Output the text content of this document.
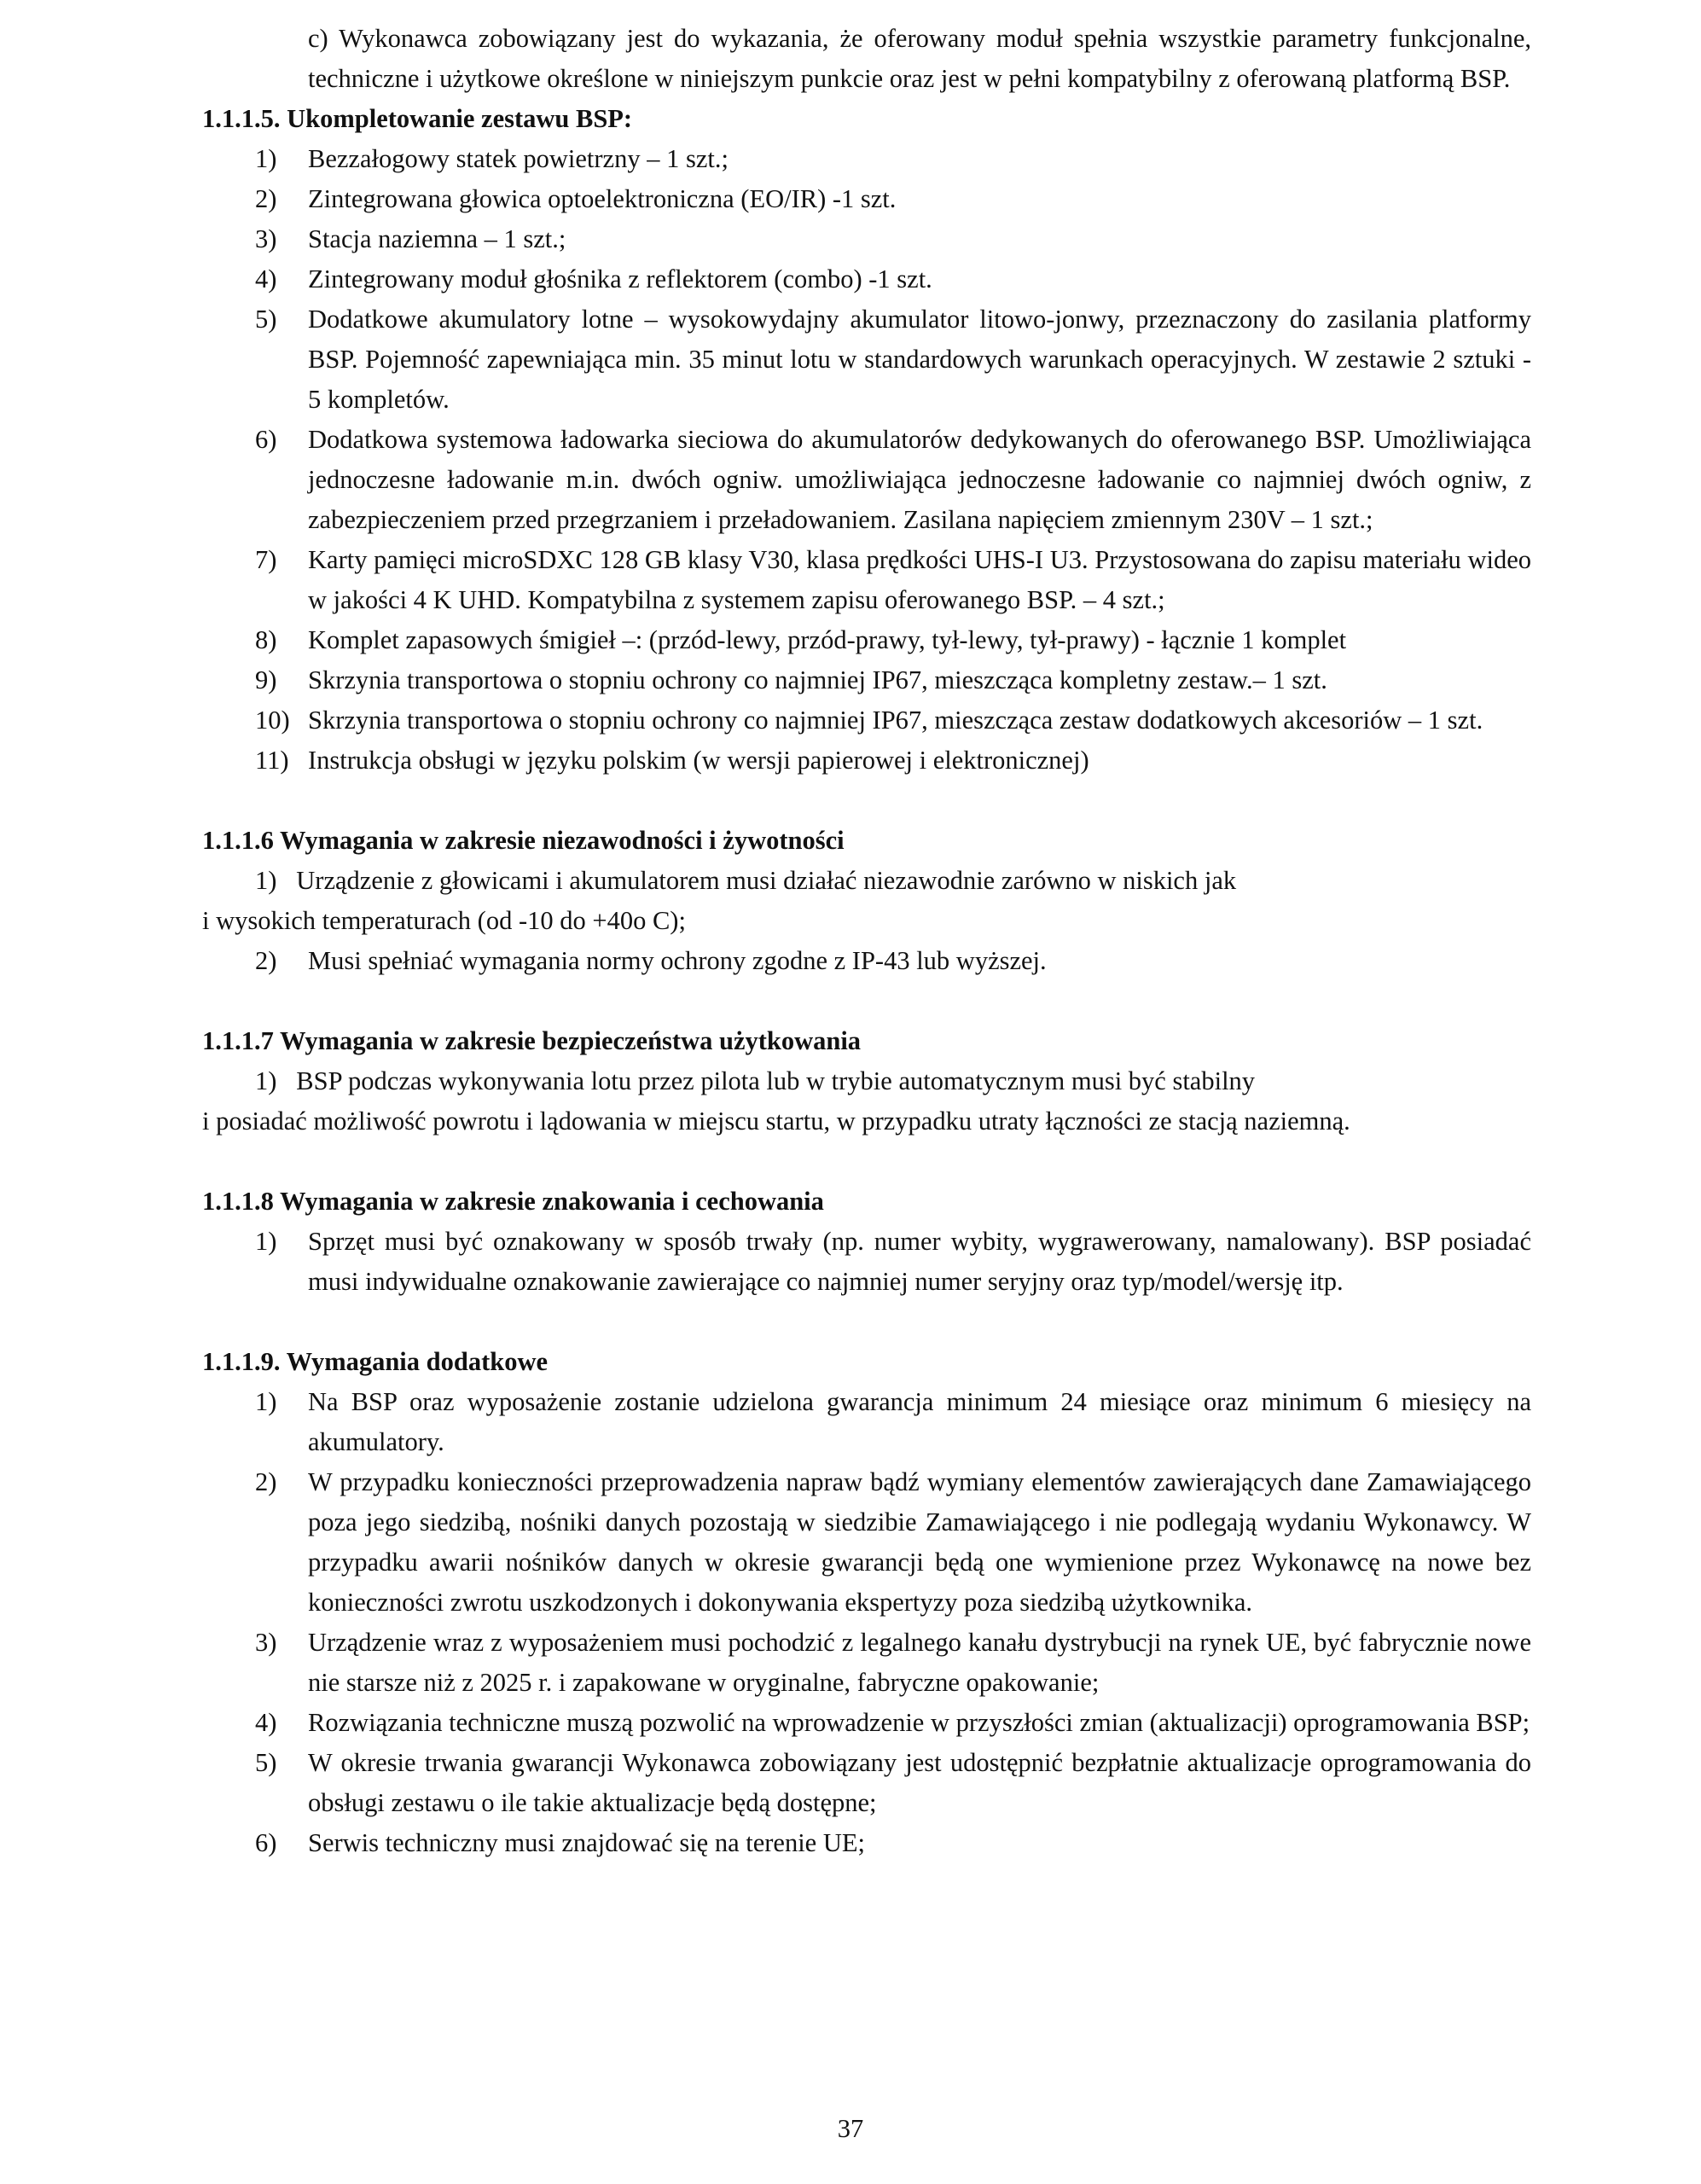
c) Wykonawca zobowiązany jest do wykazania, że oferowany moduł spełnia wszystkie parametry funkcjonalne, techniczne i użytkowe określone w niniejszym punkcie oraz jest w pełni kompatybilny z oferowaną platformą BSP.

1.1.1.5. Ukompletowanie zestawu BSP:

1) Bezzałogowy statek powietrzny – 1 szt.;
2) Zintegrowana głowica optoelektroniczna (EO/IR) -1 szt.
3) Stacja naziemna – 1 szt.;
4) Zintegrowany moduł głośnika z reflektorem (combo) -1 szt.
5) Dodatkowe akumulatory lotne – wysokowydajny akumulator litowo-jonwy, przeznaczony do zasilania platformy BSP. Pojemność zapewniająca min. 35 minut lotu w standardowych warunkach operacyjnych. W zestawie 2 sztuki - 5 kompletów.
6) Dodatkowa systemowa ładowarka sieciowa do akumulatorów dedykowanych do oferowanego BSP. Umożliwiająca jednoczesne ładowanie m.in. dwóch ogniw. umożliwiająca jednoczesne ładowanie co najmniej dwóch ogniw, z zabezpieczeniem przed przegrzaniem i przeładowaniem. Zasilana napięciem zmiennym 230V – 1 szt.;
7) Karty pamięci microSDXC 128 GB klasy V30, klasa prędkości UHS-I U3. Przystosowana do zapisu materiału wideo w jakości 4 K UHD. Kompatybilna z systemem zapisu oferowanego BSP. – 4 szt.;
8) Komplet zapasowych śmigieł –: (przód-lewy, przód-prawy, tył-lewy, tył-prawy) - łącznie 1 komplet
9) Skrzynia transportowa o stopniu ochrony co najmniej IP67, mieszcząca kompletny zestaw.– 1 szt.
10) Skrzynia transportowa o stopniu ochrony co najmniej IP67, mieszcząca zestaw dodatkowych akcesoriów – 1 szt.
11) Instrukcja obsługi w języku polskim (w wersji papierowej i elektronicznej)

1.1.1.6 Wymagania w zakresie niezawodności i żywotności

1)   Urządzenie z głowicami i akumulatorem musi działać niezawodnie zarówno w niskich jak

i wysokich temperaturach (od -10 do +40o C);

2) Musi spełniać wymagania normy ochrony zgodne z IP-43 lub wyższej.

1.1.1.7 Wymagania w zakresie bezpieczeństwa użytkowania

1)   BSP podczas wykonywania lotu przez pilota lub w trybie automatycznym musi być stabilny

i posiadać możliwość powrotu i lądowania w miejscu startu, w przypadku utraty łączności ze stacją naziemną.

1.1.1.8 Wymagania w zakresie znakowania i cechowania

1) Sprzęt musi być oznakowany w sposób trwały (np. numer wybity, wygrawerowany, namalowany). BSP posiadać musi indywidualne oznakowanie zawierające co najmniej numer seryjny oraz typ/model/wersję itp.

1.1.1.9. Wymagania dodatkowe

1) Na BSP oraz wyposażenie zostanie udzielona gwarancja minimum 24 miesiące oraz minimum 6 miesięcy na akumulatory.
2) W przypadku konieczności przeprowadzenia napraw bądź wymiany elementów zawierających dane Zamawiającego poza jego siedzibą, nośniki danych pozostają w siedzibie Zamawiającego i nie podlegają wydaniu Wykonawcy. W przypadku awarii nośników danych w okresie gwarancji będą one wymienione przez Wykonawcę na nowe bez konieczności zwrotu uszkodzonych i dokonywania ekspertyzy poza siedzibą użytkownika.
3) Urządzenie wraz z wyposażeniem musi pochodzić z legalnego kanału dystrybucji na rynek UE, być fabrycznie nowe nie starsze niż z 2025 r. i zapakowane w oryginalne, fabryczne opakowanie;
4) Rozwiązania techniczne muszą pozwolić na wprowadzenie w przyszłości zmian (aktualizacji) oprogramowania BSP;
5) W okresie trwania gwarancji Wykonawca zobowiązany jest udostępnić bezpłatnie aktualizacje oprogramowania do obsługi zestawu o ile takie aktualizacje będą dostępne;
6) Serwis techniczny musi znajdować się na terenie UE;
37
